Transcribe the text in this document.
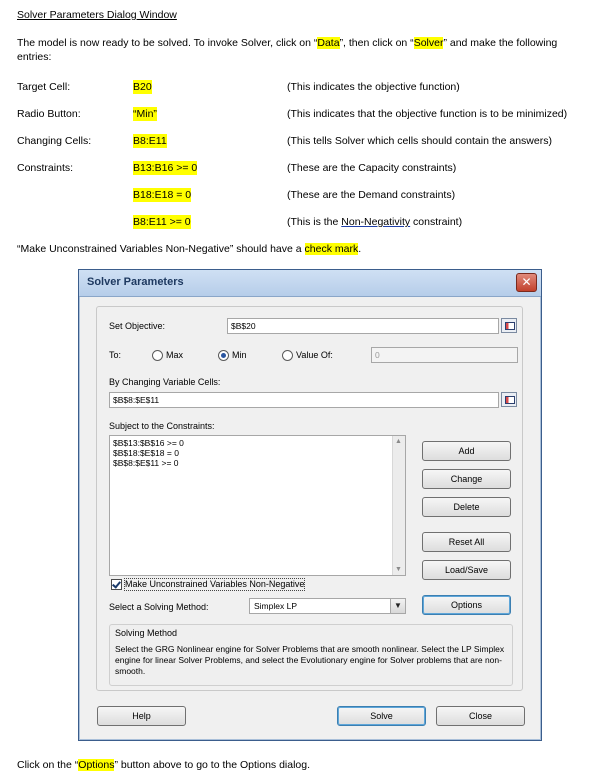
Solver Parameters Dialog Window
The model is now ready to be solved. To invoke Solver, click on “Data”, then click on “Solver” and make the following
entries:
Target Cell:	B20	(This indicates the objective function)
Radio Button:	“Min”	(This indicates that the objective function is to be minimized)
Changing Cells:	B8:E11	(This tells Solver which cells should contain the answers)
Constraints:	B13:B16 >= 0	(These are the Capacity constraints)
B18:E18 = 0	(These are the Demand constraints)
B8:E11 >= 0	(This is the Non-Negativity constraint)
“Make Unconstrained Variables Non-Negative” should have a check mark.
Solver Parameters	✕
Set Objective:	$B$20
To:	Max	Min	Value Of:	0
By Changing Variable Cells:
$B$8:$E$11
Subject to the Constraints:
$B$13:$B$16 >= 0
$B$18:$E$18 = 0
$B$8:$E$11 >= 0
▲
▼
Add
Change
Delete
Reset All
Load/Save
Make Unconstrained Variables Non-Negative
Select a Solving Method:	Simplex LP	▼	Options
Solving Method
Select the GRG Nonlinear engine for Solver Problems that are smooth nonlinear. Select the LP Simplex engine for linear Solver Problems, and select the Evolutionary engine for Solver problems that are non-smooth.
Help	Solve	Close
Click on the “Options” button above to go to the Options dialog.
